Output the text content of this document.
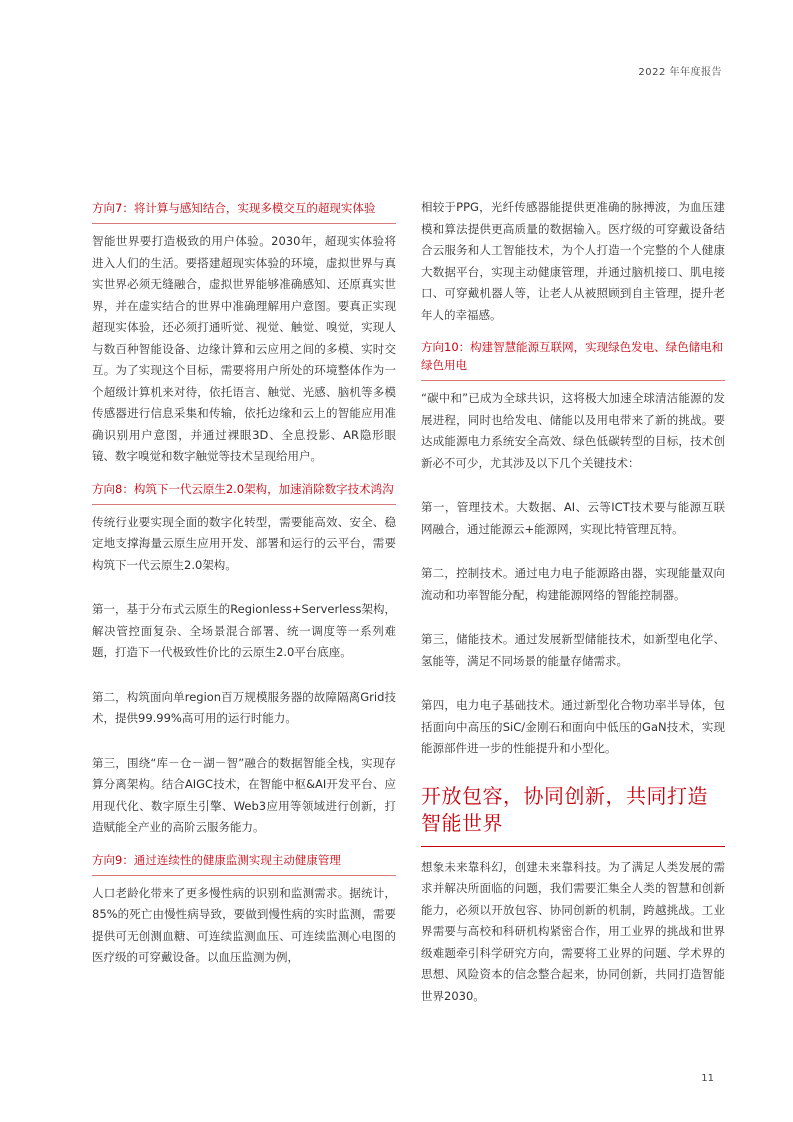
2022 年年度报告
方向7：将计算与感知结合，实现多模交互的超现实体验

智能世界要打造极致的用户体验。2030年，超现实体验将进入人们的生活。要搭建超现实体验的环境，虚拟世界与真实世界必须无缝融合，虚拟世界能够准确感知、还原真实世界，并在虚实结合的世界中准确理解用户意图。要真正实现超现实体验，还必须打通听觉、视觉、触觉、嗅觉，实现人与数百种智能设备、边缘计算和云应用之间的多模、实时交互。为了实现这个目标，需要将用户所处的环境整体作为一个超级计算机来对待，依托语言、触觉、光感、脑机等多模传感器进行信息采集和传输，依托边缘和云上的智能应用准确识别用户意图，并通过裸眼3D、全息投影、AR隐形眼镜、数字嗅觉和数字触觉等技术呈现给用户。

方向8：构筑下一代云原生2.0架构，加速消除数字技术鸿沟

传统行业要实现全面的数字化转型，需要能高效、安全、稳定地支撑海量云原生应用开发、部署和运行的云平台，需要构筑下一代云原生2.0架构。

第一，基于分布式云原生的Regionless+Serverless架构，解决管控面复杂、全场景混合部署、统一调度等一系列难题，打造下一代极致性价比的云原生2.0平台底座。

第二，构筑面向单region百万规模服务器的故障隔离Grid技术，提供99.99%高可用的运行时能力。

第三，围绕“库－仓－湖－智”融合的数据智能全栈，实现存算分离架构。结合AIGC技术，在智能中枢&AI开发平台、应用现代化、数字原生引擎、Web3应用等领域进行创新，打造赋能全产业的高阶云服务能力。

方向9：通过连续性的健康监测实现主动健康管理

人口老龄化带来了更多慢性病的识别和监测需求。据统计，85%的死亡由慢性病导致，要做到慢性病的实时监测，需要提供可无创测血糖、可连续监测血压、可连续监测心电图的医疗级的可穿戴设备。以血压监测为例，

相较于PPG，光纤传感器能提供更准确的脉搏波，为血压建模和算法提供更高质量的数据输入。医疗级的可穿戴设备结合云服务和人工智能技术，为个人打造一个完整的个人健康大数据平台，实现主动健康管理，并通过脑机接口、肌电接口、可穿戴机器人等，让老人从被照顾到自主管理，提升老年人的幸福感。

方向10：构建智慧能源互联网，实现绿色发电、绿色储电和绿色用电

“碳中和”已成为全球共识，这将极大加速全球清洁能源的发展进程，同时也给发电、储能以及用电带来了新的挑战。要达成能源电力系统安全高效、绿色低碳转型的目标，技术创新必不可少，尤其涉及以下几个关键技术：

第一，管理技术。大数据、AI、云等ICT技术要与能源互联网融合，通过能源云+能源网，实现比特管理瓦特。

第二，控制技术。通过电力电子能源路由器，实现能量双向流动和功率智能分配，构建能源网络的智能控制器。

第三，储能技术。通过发展新型储能技术，如新型电化学、氢能等，满足不同场景的能量存储需求。

第四，电力电子基础技术。通过新型化合物功率半导体，包括面向中高压的SiC/金刚石和面向中低压的GaN技术，实现能源部件进一步的性能提升和小型化。

开放包容，协同创新，共同打造智能世界

想象未来靠科幻，创建未来靠科技。为了满足人类发展的需求并解决所面临的问题，我们需要汇集全人类的智慧和创新能力，必须以开放包容、协同创新的机制，跨越挑战。工业界需要与高校和科研机构紧密合作，用工业界的挑战和世界级难题牵引科学研究方向，需要将工业界的问题、学术界的思想、风险资本的信念整合起来，协同创新，共同打造智能世界2030。

11
